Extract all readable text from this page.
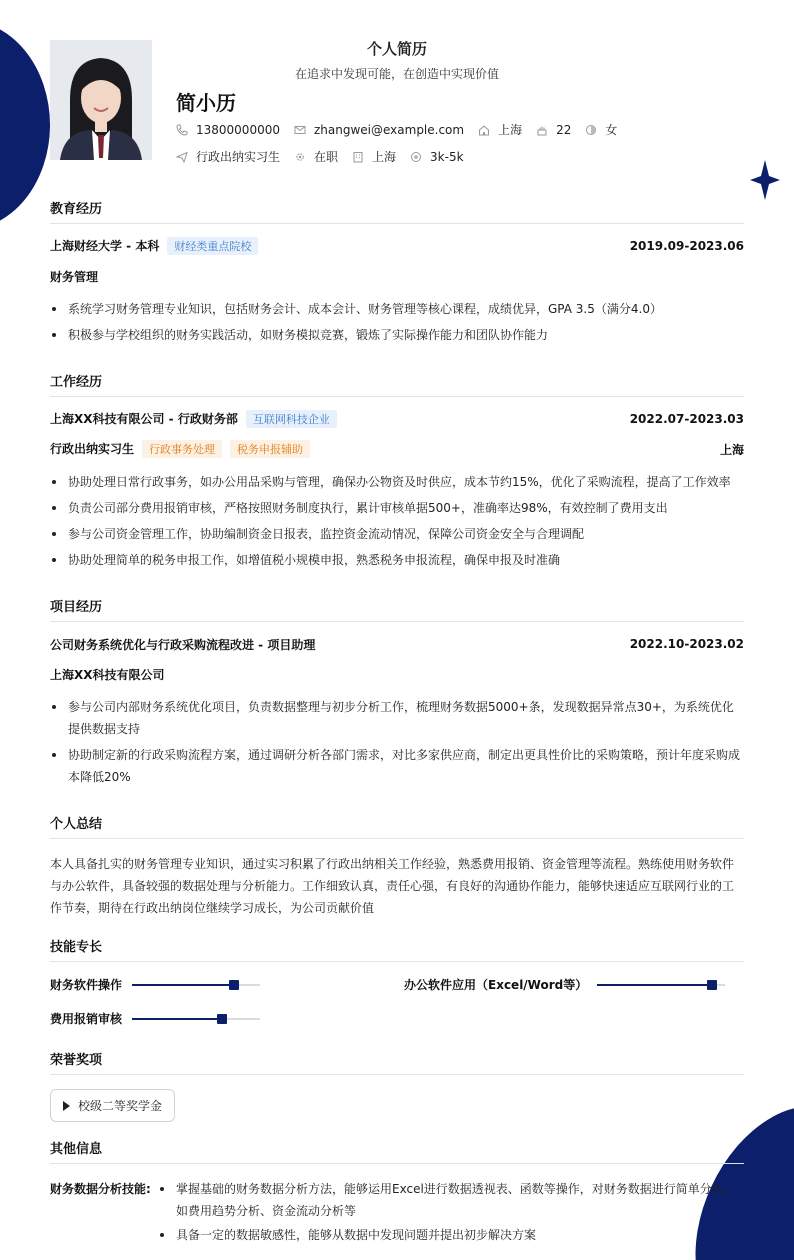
个人简历
在追求中发现可能，在创造中实现价值
简小历
13800000000	zhangwei@example.com	上海	22	女
行政出纳实习生	在职	上海	3k-5k
教育经历
上海财经大学 - 本科 财经类重点院校	2019.09-2023.06
财务管理
系统学习财务管理专业知识，包括财务会计、成本会计、财务管理等核心课程，成绩优异，GPA 3.5（满分4.0）
积极参与学校组织的财务实践活动，如财务模拟竞赛，锻炼了实际操作能力和团队协作能力
工作经历
上海XX科技有限公司 - 行政财务部 互联网科技企业	2022.07-2023.03
行政出纳实习生 行政事务处理 税务申报辅助	上海
协助处理日常行政事务，如办公用品采购与管理，确保办公物资及时供应，成本节约15%，优化了采购流程，提高了工作效率
负责公司部分费用报销审核，严格按照财务制度执行，累计审核单据500+，准确率达98%，有效控制了费用支出
参与公司资金管理工作，协助编制资金日报表，监控资金流动情况，保障公司资金安全与合理调配
协助处理简单的税务申报工作，如增值税小规模申报，熟悉税务申报流程，确保申报及时准确
项目经历
公司财务系统优化与行政采购流程改进 - 项目助理	2022.10-2023.02
上海XX科技有限公司
参与公司内部财务系统优化项目，负责数据整理与初步分析工作，梳理财务数据5000+条，发现数据异常点30+，为系统优化提供数据支持
协助制定新的行政采购流程方案，通过调研分析各部门需求，对比多家供应商，制定出更具性价比的采购策略，预计年度采购成本降低20%
个人总结
本人具备扎实的财务管理专业知识，通过实习积累了行政出纳相关工作经验，熟悉费用报销、资金管理等流程。熟练使用财务软件与办公软件，具备较强的数据处理与分析能力。工作细致认真，责任心强，有良好的沟通协作能力，能够快速适应互联网行业的工作节奏，期待在行政出纳岗位继续学习成长，为公司贡献价值
技能专长
财务软件操作	办公软件应用（Excel/Word等）
费用报销审核
荣誉奖项
校级二等奖学金
其他信息
财务数据分析技能:	掌握基础的财务数据分析方法，能够运用Excel进行数据透视表、函数等操作，对财务数据进行简单分析，如费用趋势分析、资金流动分析等
具备一定的数据敏感性，能够从数据中发现问题并提出初步解决方案
